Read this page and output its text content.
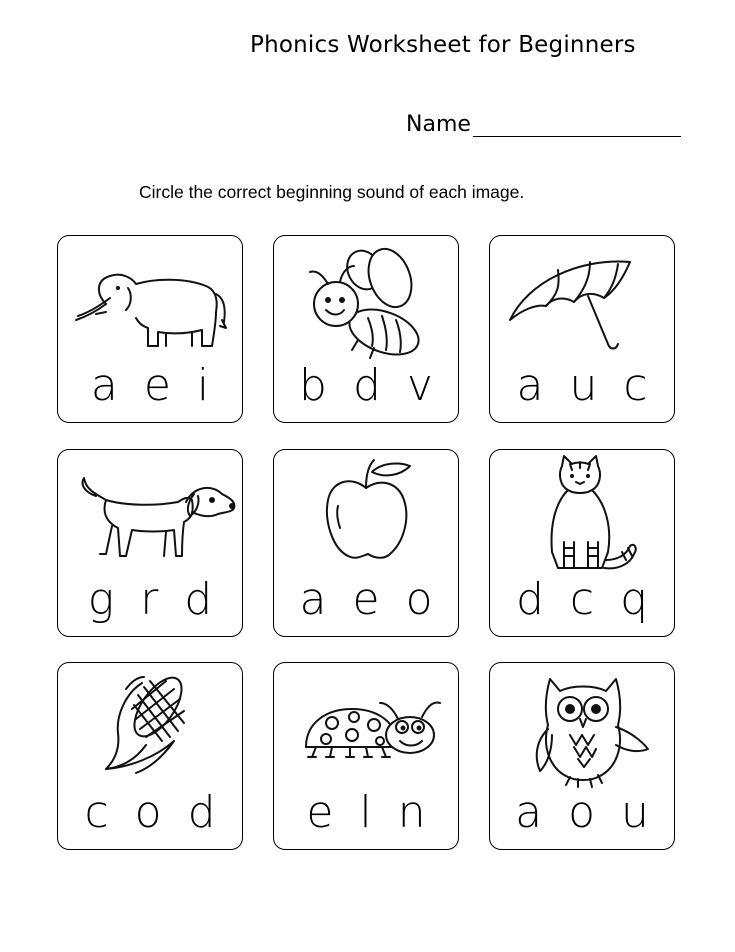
Phonics Worksheet for Beginners
Name
Circle the correct beginning sound of each image.
a e i b d v a u c
g r d a e o d c q
c o d e l n a o u
